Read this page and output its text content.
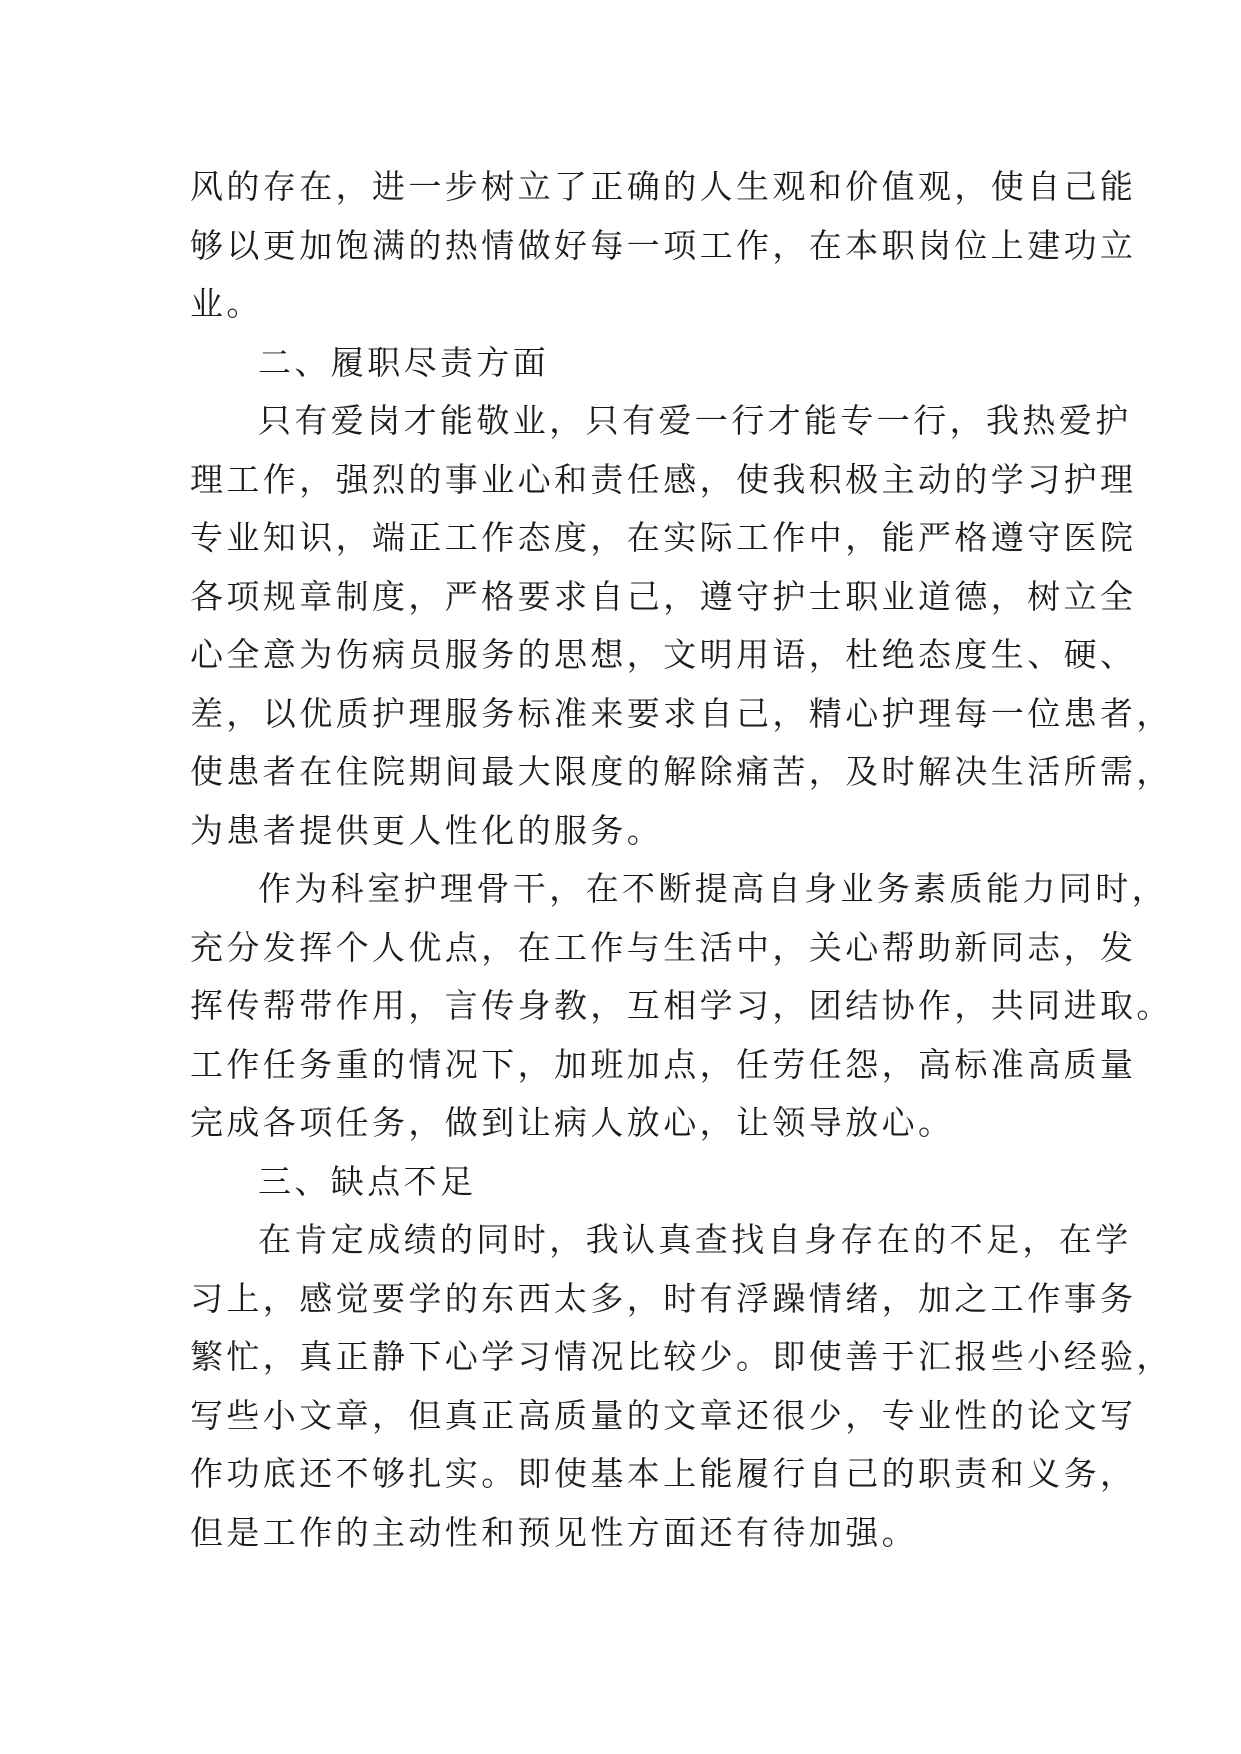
风的存在，进一步树立了正确的人生观和价值观，使自己能
够以更加饱满的热情做好每一项工作，在本职岗位上建功立
业。
二、履职尽责方面
只有爱岗才能敬业，只有爱一行才能专一行，我热爱护
理工作，强烈的事业心和责任感，使我积极主动的学习护理
专业知识，端正工作态度，在实际工作中，能严格遵守医院
各项规章制度，严格要求自己，遵守护士职业道德，树立全
心全意为伤病员服务的思想，文明用语，杜绝态度生、硬、
差，以优质护理服务标准来要求自己，精心护理每一位患者，
使患者在住院期间最大限度的解除痛苦，及时解决生活所需，
为患者提供更人性化的服务。
作为科室护理骨干，在不断提高自身业务素质能力同时，
充分发挥个人优点，在工作与生活中，关心帮助新同志，发
挥传帮带作用，言传身教，互相学习，团结协作，共同进取。
工作任务重的情况下，加班加点，任劳任怨，高标准高质量
完成各项任务，做到让病人放心，让领导放心。
三、缺点不足
在肯定成绩的同时，我认真查找自身存在的不足，在学
习上，感觉要学的东西太多，时有浮躁情绪，加之工作事务
繁忙，真正静下心学习情况比较少。即使善于汇报些小经验，
写些小文章，但真正高质量的文章还很少，专业性的论文写
作功底还不够扎实。即使基本上能履行自己的职责和义务，
但是工作的主动性和预见性方面还有待加强。
